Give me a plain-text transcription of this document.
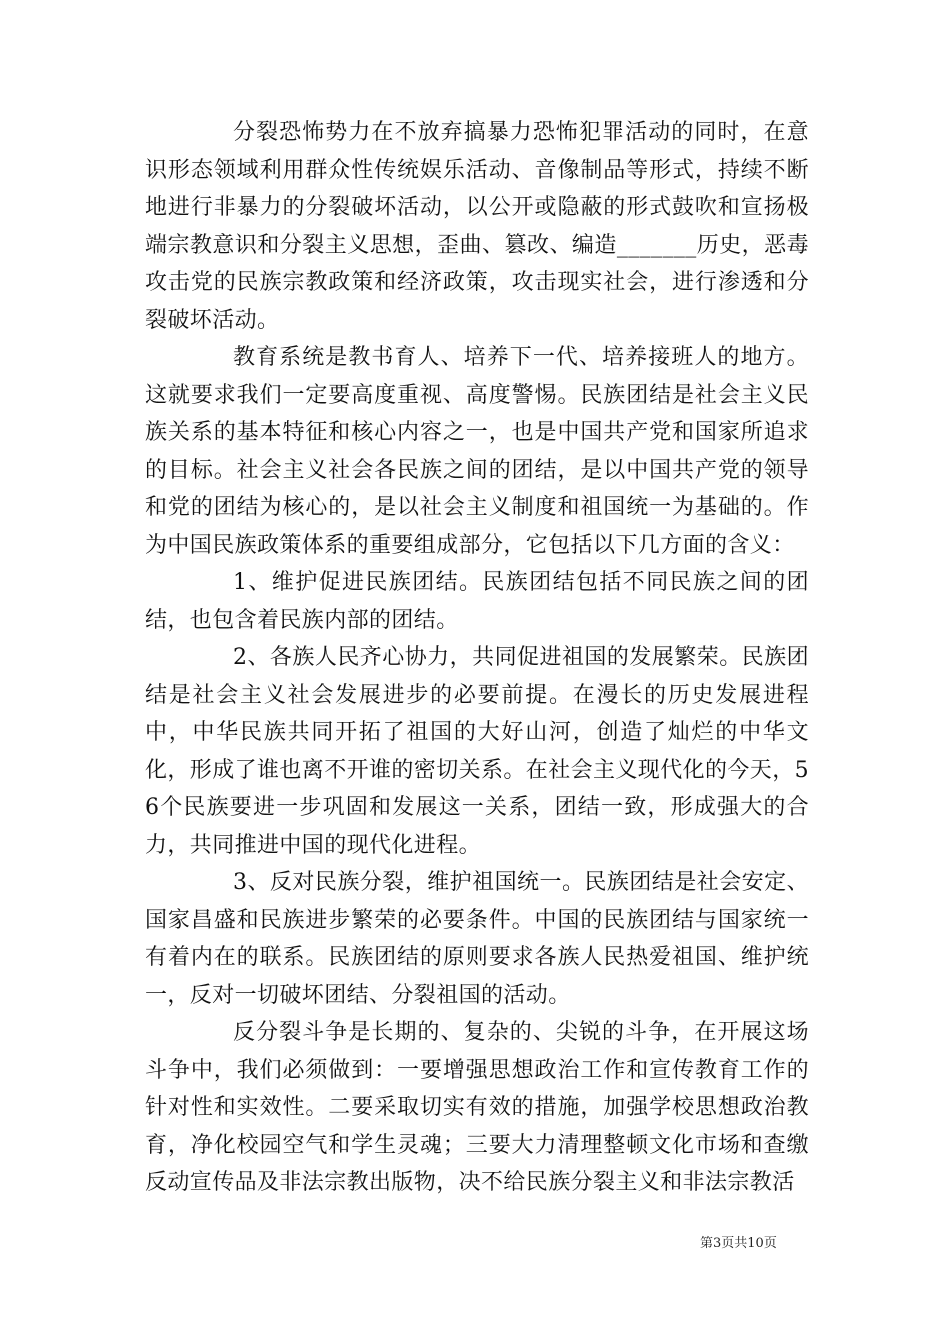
分裂恐怖势力在不放弃搞暴力恐怖犯罪活动的同时，在意识形态领域利用群众性传统娱乐活动、音像制品等形式，持续不断地进行非暴力的分裂破坏活动，以公开或隐蔽的形式鼓吹和宣扬极端宗教意识和分裂主义思想，歪曲、篡改、编造_______历史，恶毒攻击党的民族宗教政策和经济政策，攻击现实社会，进行渗透和分裂破坏活动。

教育系统是教书育人、培养下一代、培养接班人的地方。这就要求我们一定要高度重视、高度警惕。民族团结是社会主义民族关系的基本特征和核心内容之一，也是中国共产党和国家所追求的目标。社会主义社会各民族之间的团结，是以中国共产党的领导和党的团结为核心的，是以社会主义制度和祖国统一为基础的。作为中国民族政策体系的重要组成部分，它包括以下几方面的含义：

1、维护促进民族团结。民族团结包括不同民族之间的团结，也包含着民族内部的团结。

2、各族人民齐心协力，共同促进祖国的发展繁荣。民族团结是社会主义社会发展进步的必要前提。在漫长的历史发展进程中，中华民族共同开拓了祖国的大好山河，创造了灿烂的中华文化，形成了谁也离不开谁的密切关系。在社会主义现代化的今天，56个民族要进一步巩固和发展这一关系，团结一致，形成强大的合力，共同推进中国的现代化进程。

3、反对民族分裂，维护祖国统一。民族团结是社会安定、国家昌盛和民族进步繁荣的必要条件。中国的民族团结与国家统一有着内在的联系。民族团结的原则要求各族人民热爱祖国、维护统一，反对一切破坏团结、分裂祖国的活动。

反分裂斗争是长期的、复杂的、尖锐的斗争，在开展这场斗争中，我们必须做到：一要增强思想政治工作和宣传教育工作的针对性和实效性。二要采取切实有效的措施，加强学校思想政治教育，净化校园空气和学生灵魂；三要大力清理整顿文化市场和查缴反动宣传品及非法宗教出版物，决不给民族分裂主义和非法宗教活

第3页共10页
